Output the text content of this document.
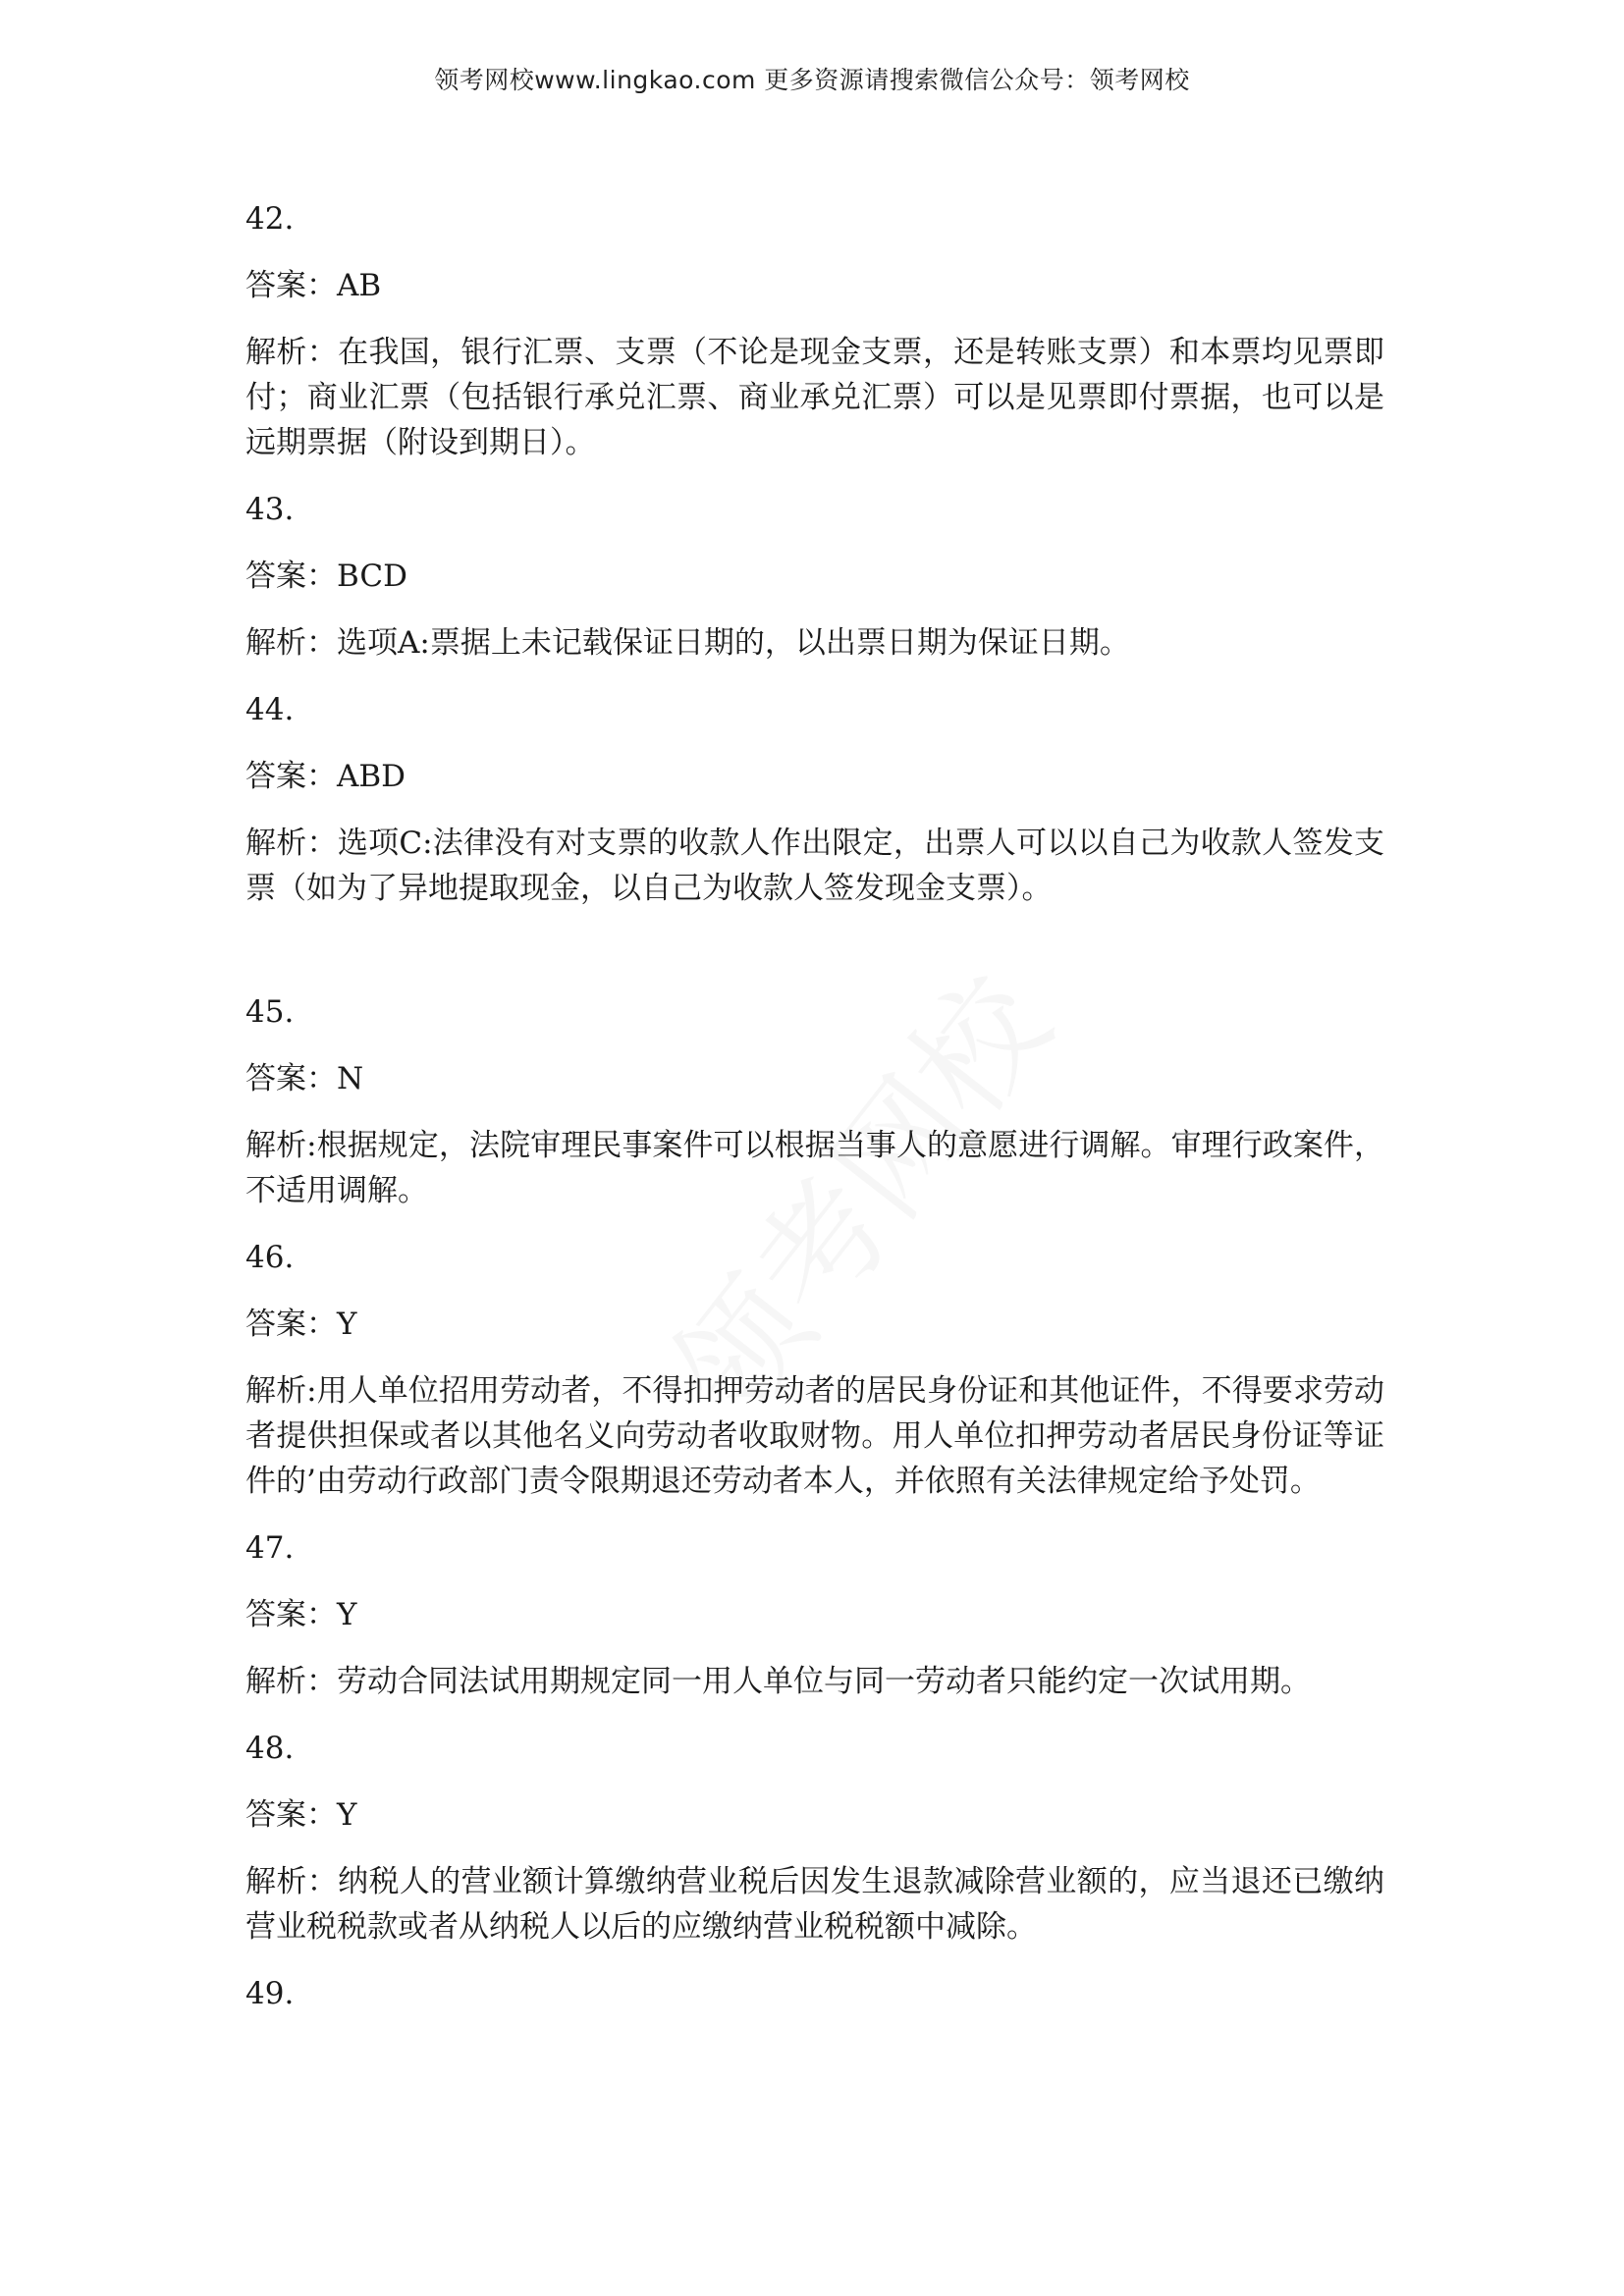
领考网校www.lingkao.com 更多资源请搜索微信公众号：领考网校

42.

答案：AB

解析：在我国，银行汇票、支票（不论是现金支票，还是转账支票）和本票均见票即付；商业汇票（包括银行承兑汇票、商业承兑汇票）可以是见票即付票据，也可以是远期票据（附设到期日）。

43.

答案：BCD

解析：选项A:票据上未记载保证日期的，以出票日期为保证日期。

44.

答案：ABD

解析：选项C:法律没有对支票的收款人作出限定，出票人可以以自己为收款人签发支票（如为了异地提取现金，以自己为收款人签发现金支票）。

45.

答案：N

解析:根据规定，法院审理民事案件可以根据当事人的意愿进行调解。审理行政案件，不适用调解。

46.

答案：Y

解析:用人单位招用劳动者，不得扣押劳动者的居民身份证和其他证件，不得要求劳动者提供担保或者以其他名义向劳动者收取财物。用人单位扣押劳动者居民身份证等证件的’由劳动行政部门责令限期退还劳动者本人，并依照有关法律规定给予处罚。

47.

答案：Y

解析：劳动合同法试用期规定同一用人单位与同一劳动者只能约定一次试用期。

48.

答案：Y

解析：纳税人的营业额计算缴纳营业税后因发生退款减除营业额的，应当退还已缴纳营业税税款或者从纳税人以后的应缴纳营业税税额中减除。

49.
